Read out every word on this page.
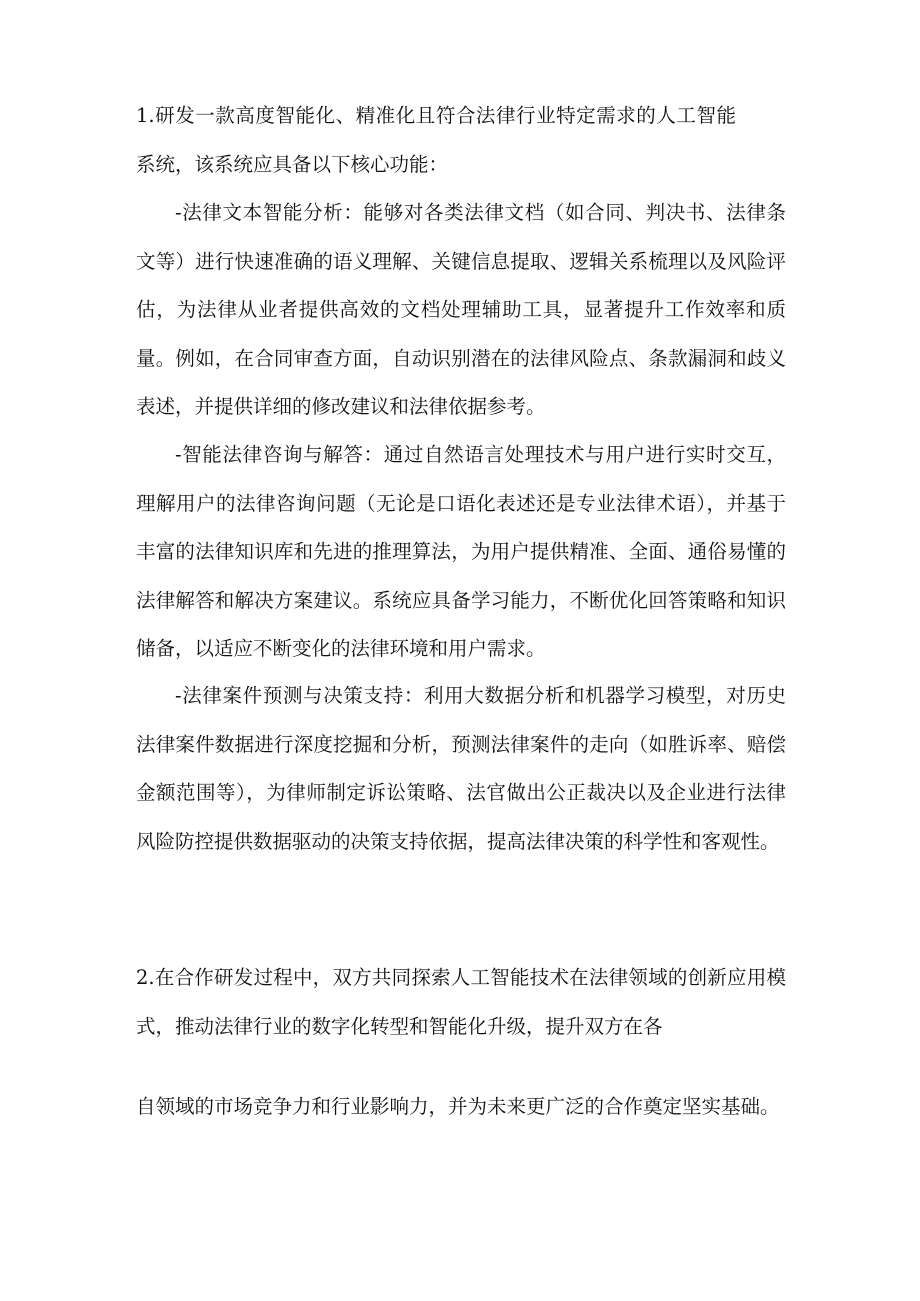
1.研发一款高度智能化、精准化且符合法律行业特定需求的人工智能系统，该系统应具备以下核心功能：

-法律文本智能分析：能够对各类法律文档（如合同、判决书、法律条文等）进行快速准确的语义理解、关键信息提取、逻辑关系梳理以及风险评估，为法律从业者提供高效的文档处理辅助工具，显著提升工作效率和质量。例如，在合同审查方面，自动识别潜在的法律风险点、条款漏洞和歧义表述，并提供详细的修改建议和法律依据参考。

-智能法律咨询与解答：通过自然语言处理技术与用户进行实时交互，理解用户的法律咨询问题（无论是口语化表述还是专业法律术语），并基于丰富的法律知识库和先进的推理算法，为用户提供精准、全面、通俗易懂的法律解答和解决方案建议。系统应具备学习能力，不断优化回答策略和知识储备，以适应不断变化的法律环境和用户需求。

-法律案件预测与决策支持：利用大数据分析和机器学习模型，对历史法律案件数据进行深度挖掘和分析，预测法律案件的走向（如胜诉率、赔偿金额范围等），为律师制定诉讼策略、法官做出公正裁决以及企业进行法律风险防控提供数据驱动的决策支持依据，提高法律决策的科学性和客观性。

2.在合作研发过程中，双方共同探索人工智能技术在法律领域的创新应用模式，推动法律行业的数字化转型和智能化升级，提升双方在各

自领域的市场竞争力和行业影响力，并为未来更广泛的合作奠定坚实基础。
